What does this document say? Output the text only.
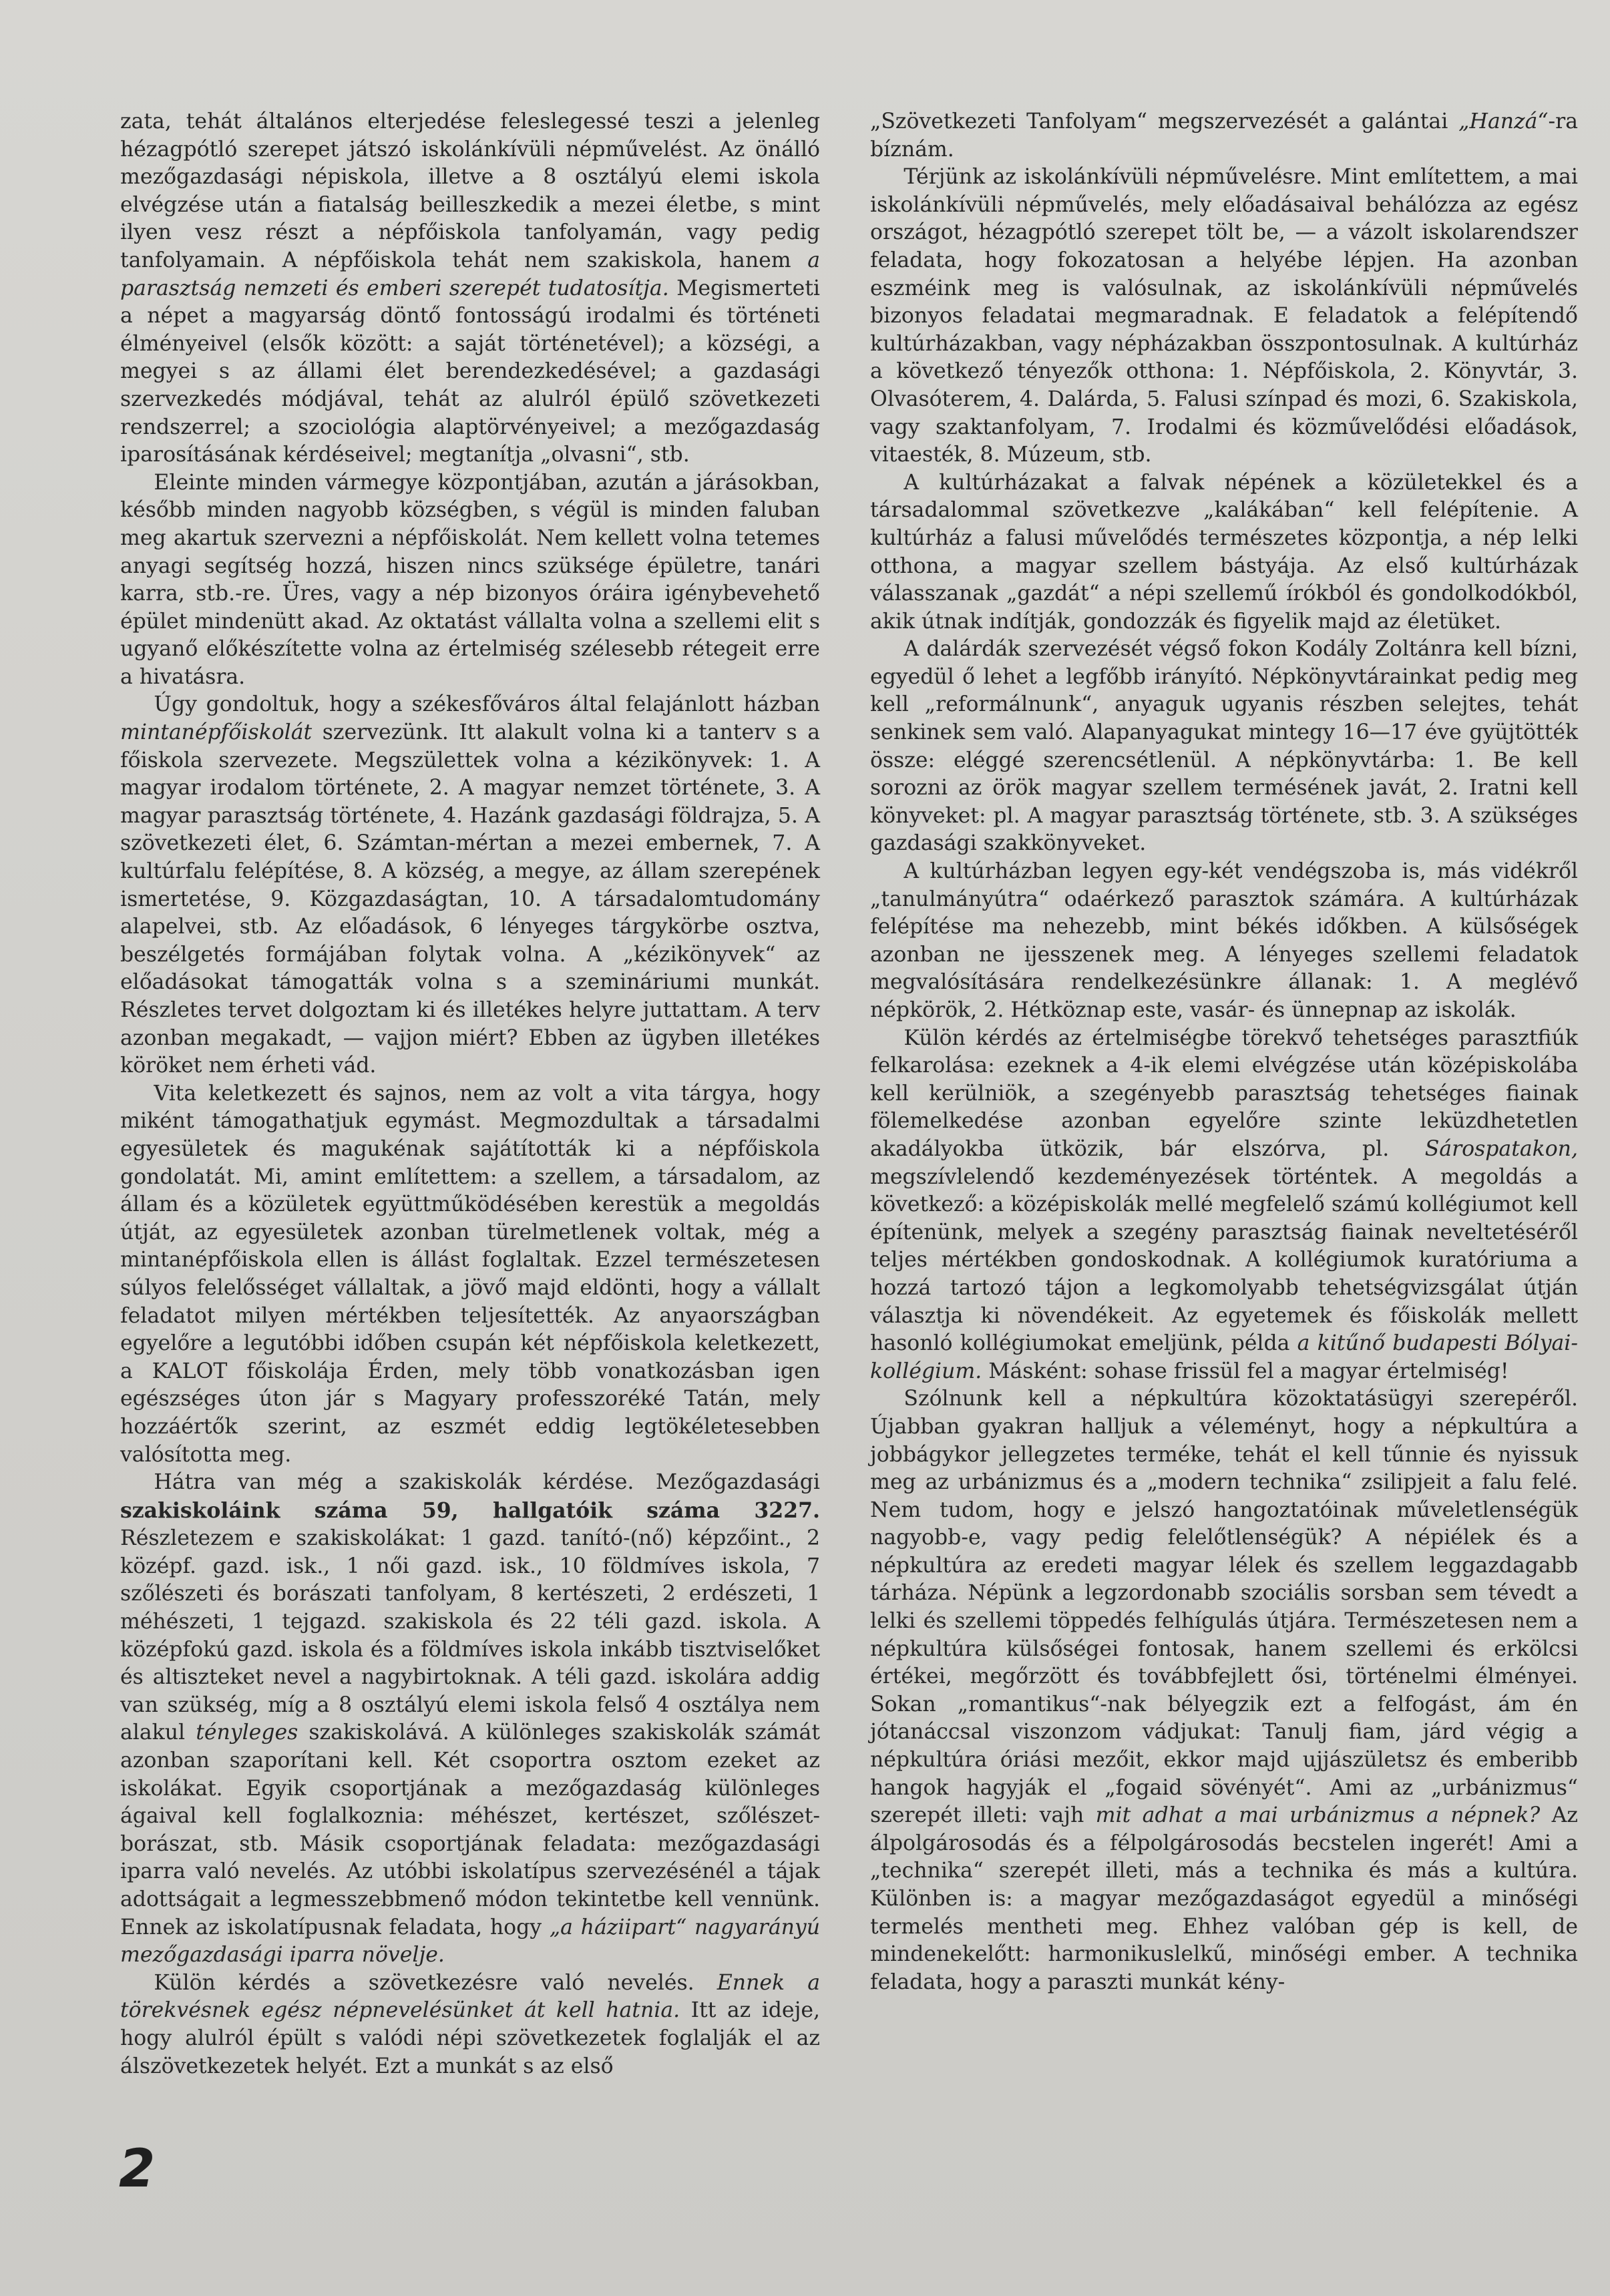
zata, tehát általános elterjedése feleslegessé teszi a jelenleg hézagpótló szerepet játszó iskolánkívüli népművelést. Az önálló mezőgazdasági népiskola, illetve a 8 osztályú elemi iskola elvégzése után a fiatalság beilleszkedik a mezei életbe, s mint ilyen vesz részt a népfőiskola tanfolyamán, vagy pedig tanfolyamain. A népfőiskola tehát nem szakiskola, hanem a parasztság nemzeti és emberi szerepét tudatosítja. Megismerteti a népet a magyarság döntő fontosságú irodalmi és történeti élményeivel (elsők között: a saját történetével); a községi, a megyei s az állami élet berendezkedésével; a gazdasági szervezkedés módjával, tehát az alulról épülő szövetkezeti rendszerrel; a szociológia alaptörvényeivel; a mezőgazdaság iparosításának kérdéseivel; megtanítja „olvasni“, stb.

Eleinte minden vármegye központjában, azután a járásokban, később minden nagyobb községben, s végül is minden faluban meg akartuk szervezni a népfőiskolát. Nem kellett volna tetemes anyagi segítség hozzá, hiszen nincs szüksége épületre, tanári karra, stb.-re. Üres, vagy a nép bizonyos óráira igénybevehető épület mindenütt akad. Az oktatást vállalta volna a szellemi elit s ugyanő előkészítette volna az értelmiség szélesebb rétegeit erre a hivatásra.

Úgy gondoltuk, hogy a székesfőváros által felajánlott házban mintanépfőiskolát szervezünk. Itt alakult volna ki a tanterv s a főiskola szervezete. Megszülettek volna a kézikönyvek: 1. A magyar irodalom története, 2. A magyar nemzet története, 3. A magyar parasztság története, 4. Hazánk gazdasági földrajza, 5. A szövetkezeti élet, 6. Számtan-mértan a mezei embernek, 7. A kultúrfalu felépítése, 8. A község, a megye, az állam szerepének ismertetése, 9. Közgazdaságtan, 10. A társadalomtudomány alapelvei, stb. Az előadások, 6 lényeges tárgykörbe osztva, beszélgetés formájában folytak volna. A „kézikönyvek“ az előadásokat támogatták volna s a szemináriumi munkát. Részletes tervet dolgoztam ki és illetékes helyre juttattam. A terv azonban megakadt, — vajjon miért? Ebben az ügyben illetékes köröket nem érheti vád.

Vita keletkezett és sajnos, nem az volt a vita tárgya, hogy miként támogathatjuk egymást. Megmozdultak a társadalmi egyesületek és magukénak sajátították ki a népfőiskola gondolatát. Mi, amint említettem: a szellem, a társadalom, az állam és a közületek együttműködésében kerestük a megoldás útját, az egyesületek azonban türelmetlenek voltak, még a mintanépfőiskola ellen is állást foglaltak. Ezzel természetesen súlyos felelősséget vállaltak, a jövő majd eldönti, hogy a vállalt feladatot milyen mértékben teljesítették. Az anyaországban egyelőre a legutóbbi időben csupán két népfőiskola keletkezett, a KALOT főiskolája Érden, mely több vonatkozásban igen egészséges úton jár s Magyary professzoréké Tatán, mely hozzáértők szerint, az eszmét eddig legtökéletesebben valósította meg.

Hátra van még a szakiskolák kérdése. Mezőgazdasági szakiskoláink száma 59, hallgatóik száma 3227. Részletezem e szakiskolákat: 1 gazd. tanító-(nő) képzőint., 2 középf. gazd. isk., 1 női gazd. isk., 10 földmíves iskola, 7 szőlészeti és borászati tanfolyam, 8 kertészeti, 2 erdészeti, 1 méhészeti, 1 tejgazd. szakiskola és 22 téli gazd. iskola. A középfokú gazd. iskola és a földmíves iskola inkább tisztviselőket és altiszteket nevel a nagybirtoknak. A téli gazd. iskolára addig van szükség, míg a 8 osztályú elemi iskola felső 4 osztálya nem alakul tényleges szakiskolává. A különleges szakiskolák számát azonban szaporítani kell. Két csoportra osztom ezeket az iskolákat. Egyik csoportjának a mezőgazdaság különleges ágaival kell foglalkoznia: méhészet, kertészet, szőlészet-borászat, stb. Másik csoportjának feladata: mezőgazdasági iparra való nevelés. Az utóbbi iskolatípus szervezésénél a tájak adottságait a legmesszebbmenő módon tekintetbe kell vennünk. Ennek az iskolatípusnak feladata, hogy „a háziipart“ nagyarányú mezőgazdasági iparra növelje.

Külön kérdés a szövetkezésre való nevelés. Ennek a törekvésnek egész népnevelésünket át kell hatnia. Itt az ideje, hogy alulról épült s valódi népi szövetkezetek foglalják el az álszövetkezetek helyét. Ezt a munkát s az első

„Szövetkezeti Tanfolyam“ megszervezését a galántai „Hanzá“-ra bíznám.

Térjünk az iskolánkívüli népművelésre. Mint említettem, a mai iskolánkívüli népművelés, mely előadásaival behálózza az egész országot, hézagpótló szerepet tölt be, — a vázolt iskolarendszer feladata, hogy fokozatosan a helyébe lépjen. Ha azonban eszméink meg is valósulnak, az iskolánkívüli népművelés bizonyos feladatai megmaradnak. E feladatok a felépítendő kultúrházakban, vagy népházakban összpontosulnak. A kultúrház a következő tényezők otthona: 1. Népfőiskola, 2. Könyvtár, 3. Olvasóterem, 4. Dalárda, 5. Falusi színpad és mozi, 6. Szakiskola, vagy szaktanfolyam, 7. Irodalmi és közművelődési előadások, vitaesték, 8. Múzeum, stb.

A kultúrházakat a falvak népének a közületekkel és a társadalommal szövetkezve „kalákában“ kell felépítenie. A kultúrház a falusi művelődés természetes központja, a nép lelki otthona, a magyar szellem bástyája. Az első kultúrházak válasszanak „gazdát“ a népi szellemű írókból és gondolkodókból, akik útnak indítják, gondozzák és figyelik majd az életüket.

A dalárdák szervezését végső fokon Kodály Zoltánra kell bízni, egyedül ő lehet a legfőbb irányító. Népkönyvtárainkat pedig meg kell „reformálnunk“, anyaguk ugyanis részben selejtes, tehát senkinek sem való. Alapanyagukat mintegy 16—17 éve gyüjtötték össze: eléggé szerencsétlenül. A népkönyvtárba: 1. Be kell sorozni az örök magyar szellem termésének javát, 2. Iratni kell könyveket: pl. A magyar parasztság története, stb. 3. A szükséges gazdasági szakkönyveket.

A kultúrházban legyen egy-két vendégszoba is, más vidékről „tanulmányútra“ odaérkező parasztok számára. A kultúrházak felépítése ma nehezebb, mint békés időkben. A külsőségek azonban ne ijesszenek meg. A lényeges szellemi feladatok megvalósítására rendelkezésünkre állanak: 1. A meglévő népkörök, 2. Hétköznap este, vasár- és ünnepnap az iskolák.

Külön kérdés az értelmiségbe törekvő tehetséges parasztfiúk felkarolása: ezeknek a 4-ik elemi elvégzése után középiskolába kell kerülniök, a szegényebb parasztság tehetséges fiainak fölemelkedése azonban egyelőre szinte leküzdhetetlen akadályokba ütközik, bár elszórva, pl. Sárospatakon, megszívlelendő kezdeményezések történtek. A megoldás a következő: a középiskolák mellé megfelelő számú kollégiumot kell építenünk, melyek a szegény parasztság fiainak neveltetéséről teljes mértékben gondoskodnak. A kollégiumok kuratóriuma a hozzá tartozó tájon a legkomolyabb tehetségvizsgálat útján választja ki növendékeit. Az egyetemek és főiskolák mellett hasonló kollégiumokat emeljünk, példa a kitűnő budapesti Bólyai-kollégium. Másként: sohase frissül fel a magyar értelmiség!

Szólnunk kell a népkultúra közoktatásügyi szerepéről. Újabban gyakran halljuk a véleményt, hogy a népkultúra a jobbágykor jellegzetes terméke, tehát el kell tűnnie és nyissuk meg az urbánizmus és a „modern technika“ zsilipjeit a falu felé. Nem tudom, hogy e jelszó hangoztatóinak műveletlenségük nagyobb-e, vagy pedig felelőtlenségük? A népiélek és a népkultúra az eredeti magyar lélek és szellem leggazdagabb tárháza. Népünk a legzordonabb szociális sorsban sem tévedt a lelki és szellemi töppedés felhígulás útjára. Természetesen nem a népkultúra külsőségei fontosak, hanem szellemi és erkölcsi értékei, megőrzött és továbbfejlett ősi, történelmi élményei. Sokan „romantikus“-nak bélyegzik ezt a felfogást, ám én jótanáccsal viszonzom vádjukat: Tanulj fiam, járd végig a népkultúra óriási mezőit, ekkor majd ujjászületsz és emberibb hangok hagyják el „fogaid sövényét“. Ami az „urbánizmus“ szerepét illeti: vajh mit adhat a mai urbánizmus a népnek? Az álpolgárosodás és a félpolgárosodás becstelen ingerét! Ami a „technika“ szerepét illeti, más a technika és más a kultúra. Különben is: a magyar mezőgazdaságot egyedül a minőségi termelés mentheti meg. Ehhez valóban gép is kell, de mindenekelőtt: harmonikuslelkű, minőségi ember. A technika feladata, hogy a paraszti munkát kény-

2
